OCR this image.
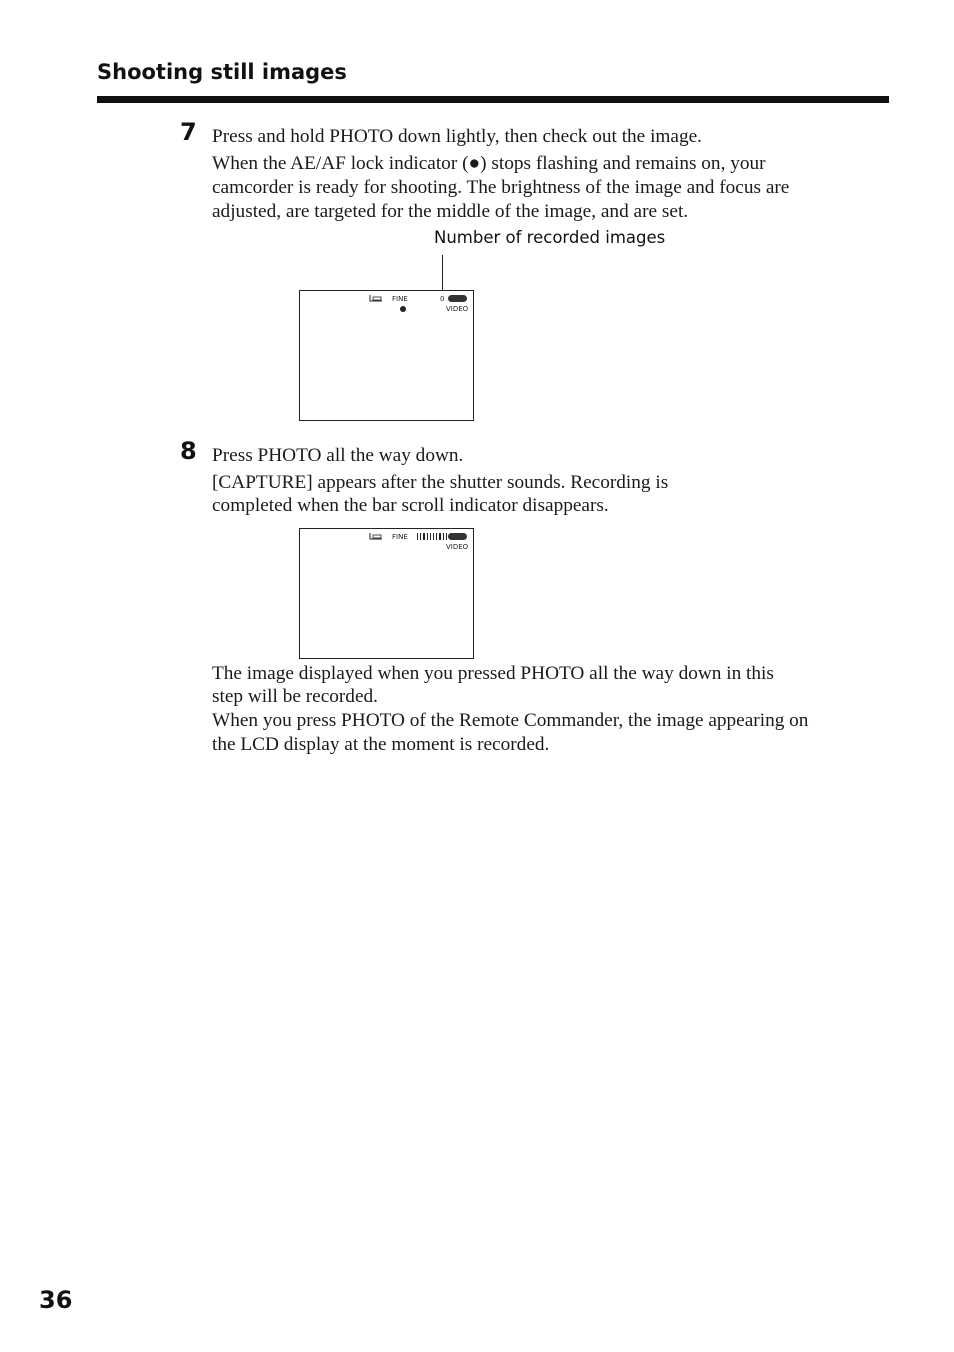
Shooting still images
7 Press and hold PHOTO down lightly, then check out the image.
When the AE/AF lock indicator (●) stops flashing and remains on, your
camcorder is ready for shooting. The brightness of the image and focus are
adjusted, are targeted for the middle of the image, and are set.
Number of recorded images
FINE	0
VIDEO
8 Press PHOTO all the way down.
[CAPTURE] appears after the shutter sounds. Recording is
completed when the bar scroll indicator disappears.
FINE
VIDEO
The image displayed when you pressed PHOTO all the way down in this
step will be recorded.
When you press PHOTO of the Remote Commander, the image appearing on
the LCD display at the moment is recorded.
36
